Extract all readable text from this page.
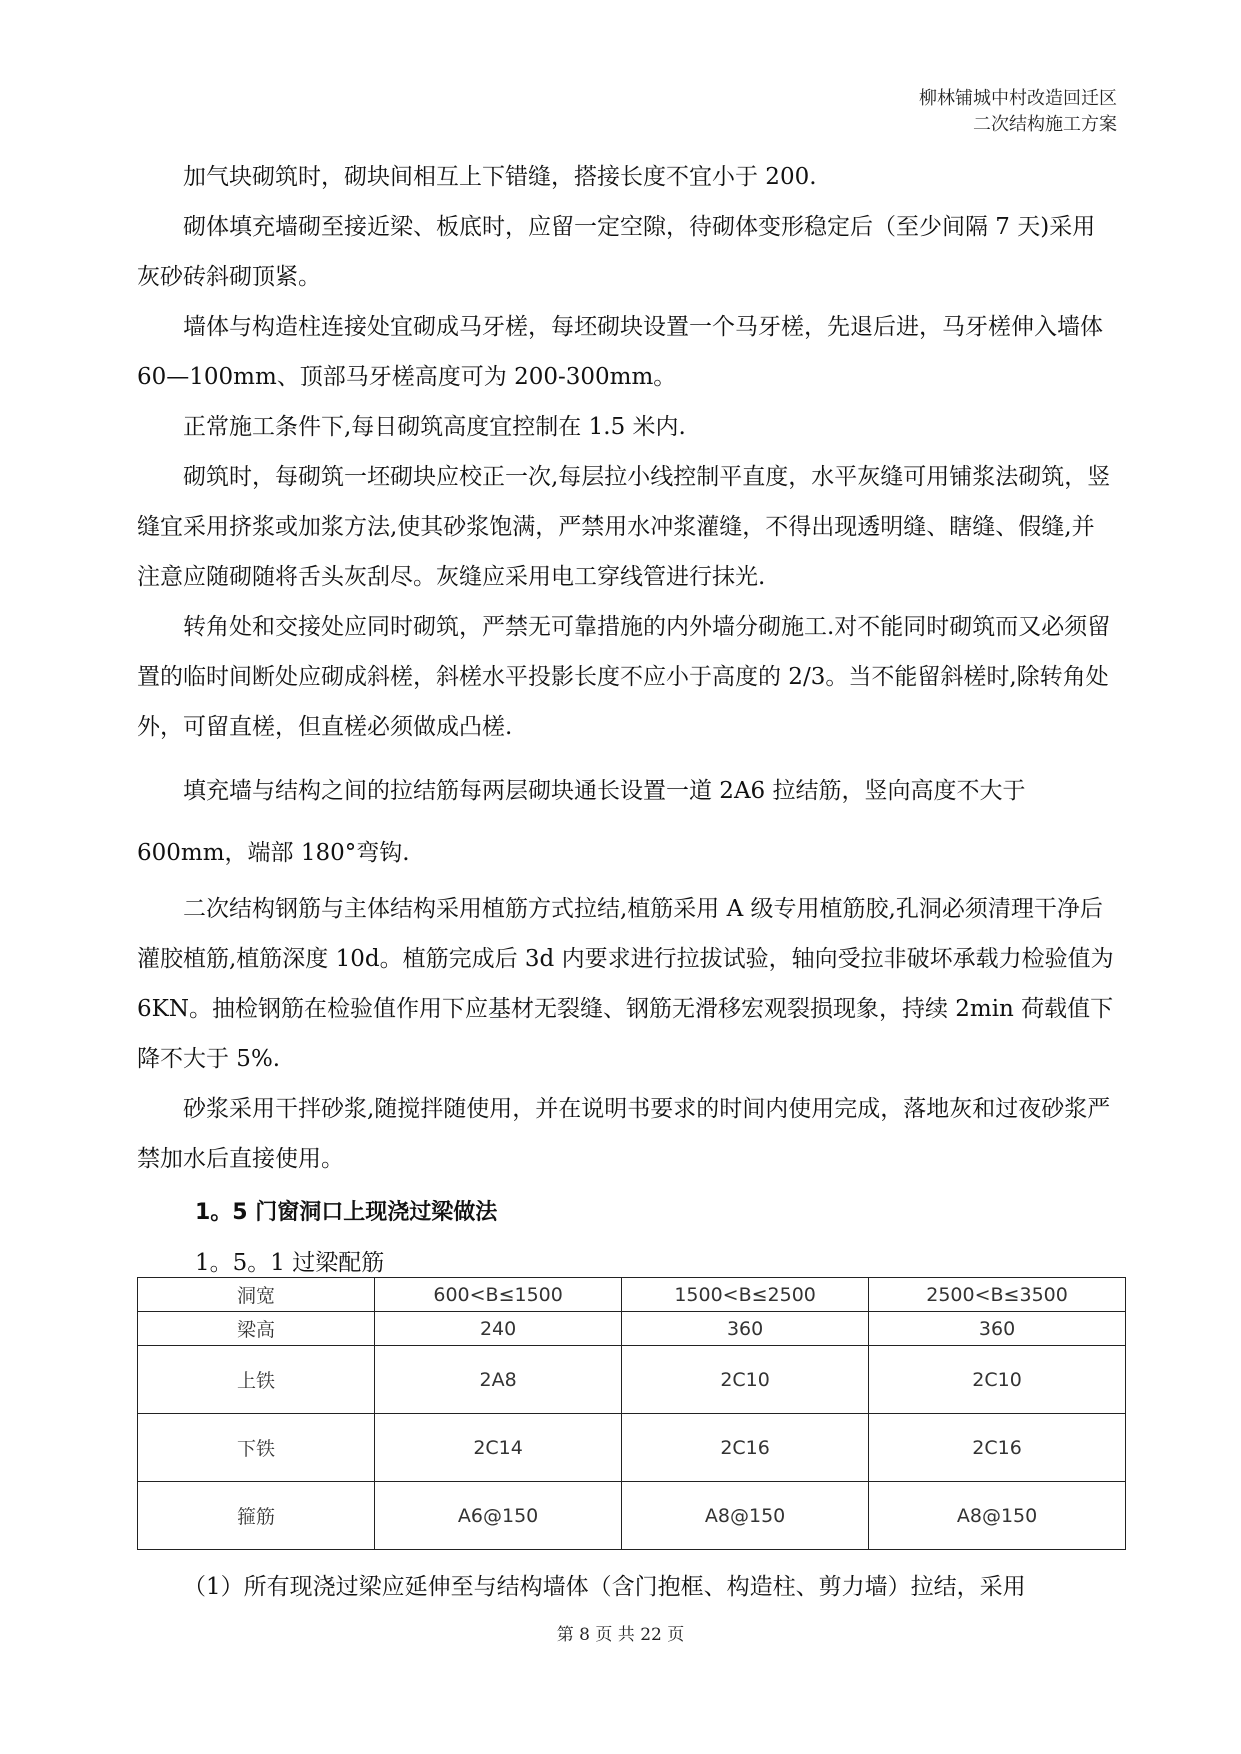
柳林铺城中村改造回迁区
二次结构施工方案

加气块砌筑时，砌块间相互上下错缝，搭接长度不宜小于 200.

砌体填充墙砌至接近梁、板底时，应留一定空隙，待砌体变形稳定后（至少间隔 7 天)采用灰砂砖斜砌顶紧。

墙体与构造柱连接处宜砌成马牙槎，每坯砌块设置一个马牙槎，先退后进，马牙槎伸入墙体 60—100mm、顶部马牙槎高度可为 200-300mm。

正常施工条件下,每日砌筑高度宜控制在 1.5 米内.

砌筑时，每砌筑一坯砌块应校正一次,每层拉小线控制平直度，水平灰缝可用铺浆法砌筑，竖缝宜采用挤浆或加浆方法,使其砂浆饱满，严禁用水冲浆灌缝，不得出现透明缝、瞎缝、假缝,并注意应随砌随将舌头灰刮尽。灰缝应采用电工穿线管进行抹光.

转角处和交接处应同时砌筑，严禁无可靠措施的内外墙分砌施工.对不能同时砌筑而又必须留置的临时间断处应砌成斜槎，斜槎水平投影长度不应小于高度的 2/3。当不能留斜槎时,除转角处外，可留直槎，但直槎必须做成凸槎.

填充墙与结构之间的拉结筋每两层砌块通长设置一道 2A6 拉结筋，竖向高度不大于600mm，端部 180°弯钩.

二次结构钢筋与主体结构采用植筋方式拉结,植筋采用 A 级专用植筋胶,孔洞必须清理干净后灌胶植筋,植筋深度 10d。植筋完成后 3d 内要求进行拉拔试验，轴向受拉非破坏承载力检验值为 6KN。抽检钢筋在检验值作用下应基材无裂缝、钢筋无滑移宏观裂损现象，持续 2min 荷载值下降不大于 5%.

砂浆采用干拌砂浆,随搅拌随使用，并在说明书要求的时间内使用完成，落地灰和过夜砂浆严禁加水后直接使用。

1。5 门窗洞口上现浇过梁做法
1。5。1 过梁配筋
洞宽	600<B≤1500	1500<B≤2500	2500<B≤3500
梁高	240	360	360
上铁	2A8	2C10	2C10
下铁	2C14	2C16	2C16
箍筋	A6@150	A8@150	A8@150

（1）所有现浇过梁应延伸至与结构墙体（含门抱框、构造柱、剪力墙）拉结，采用

第 8 页 共 22 页
